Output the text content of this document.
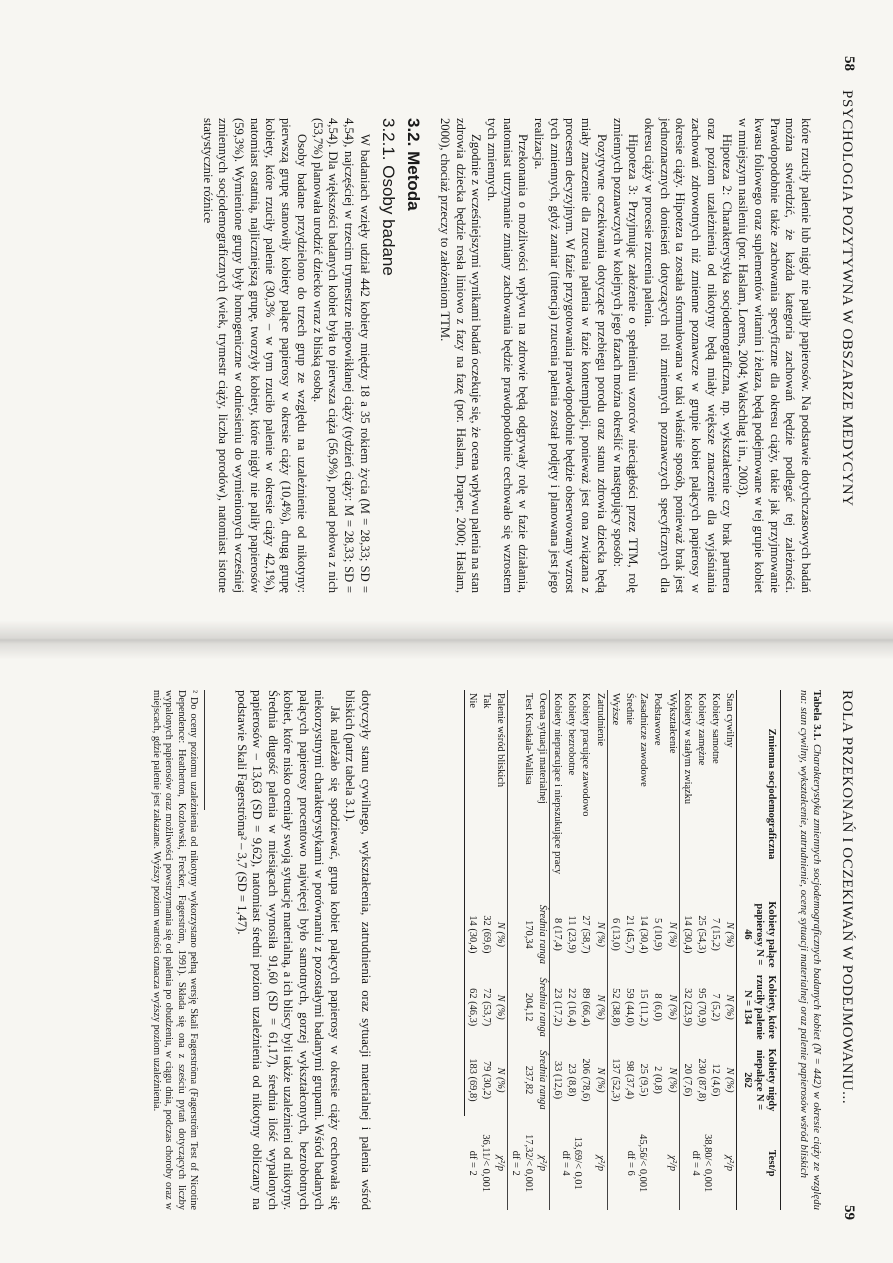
58
PSYCHOLOGIA POZYTYWNA W OBSZARZE MEDYCYNY

które rzuciły palenie lub nigdy nie paliły papierosów. Na podstawie dotychczasowych badań można stwierdzić, że każda kategoria zachowań będzie podlegać tej zależności. Prawdopodobnie także zachowania specyficzne dla okresu ciąży, takie jak przyjmowanie kwasu foliowego oraz suplementów witamin i żelaza, będą podejmowane w tej grupie kobiet w mniejszym nasileniu (por. Haslam, Lorens, 2004; Wakschlag i in., 2003).

Hipoteza 2: Charakterystyka socjodemograficzna, np. wykształcenie czy brak partnera oraz poziom uzależnienia od nikotyny będą miały większe znaczenie dla wyjaśniania zachowań zdrowotnych niż zmienne poznawcze w grupie kobiet palących papierosy w okresie ciąży. Hipoteza ta została sformułowana w taki właśnie sposób, ponieważ brak jest jednoznacznych doniesień dotyczących roli zmiennych poznawczych specyficznych dla okresu ciąży w procesie rzucenia palenia.

Hipoteza 3: Przyjmując założenie o spełnieniu wzorców nieciągłości przez TTM, rolę zmiennych poznawczych w kolejnych jego fazach można określić w następujący sposób:

Pozytywne oczekiwania dotyczące przebiegu porodu oraz stanu zdrowia dziecka będą miały znaczenie dla rzucenia palenia w fazie kontemplacji, ponieważ jest ona związana z procesem decyzyjnym. W fazie przygotowania prawdopodobnie będzie obserwowany wzrost tych zmiennych, gdyż zamiar (intencja) rzucenia palenia został podjęty i planowana jest jego realizacja.

Przekonania o możliwości wpływu na zdrowie będą odgrywały rolę w fazie działania, natomiast utrzymanie zmiany zachowania będzie prawdopodobnie cechowało się wzrostem tych zmiennych.

Zgodnie z wcześniejszymi wynikami badań oczekuje się, że ocena wpływu palenia na stan zdrowia dziecka będzie rosła liniowo z fazy na fazę (por. Haslam, Draper, 2000; Haslam, 2000), chociaż przeczy to założeniom TTM.

3.2. Metoda
3.2.1. Osoby badane

W badaniach wzięły udział 442 kobiety między 18 a 35 rokiem życia (M = 28,33; SD = 4,54), najczęściej w trzecim trymestrze niepowikłanej ciąży (tydzień ciąży: M = 28,33; SD = 4,54). Dla większości badanych kobiet była to pierwsza ciąża (56,9%), ponad połowa z nich (53,7%) planowała urodzić dziecko wraz z bliską osobą.

Osoby badane przydzielono do trzech grup ze względu na uzależnienie od nikotyny: pierwszą grupę stanowiły kobiety palące papierosy w okresie ciąży (10,4%), drugą grupę kobiety, które rzuciły palenie (30,3% – w tym rzuciło palenie w okresie ciąży 42,1%), natomiast ostatnią, najliczniejszą grupę, tworzyły kobiety, które nigdy nie paliły papierosów (59,3%). Wymienione grupy były homogeniczne w odniesieniu do wymienionych wcześniej zmiennych socjodemograficznych (wiek, trymestr ciąży, liczba porodów), natomiast istotne statystycznie różnice

ROLA PRZEKONAŃ I OCZEKIWAŃ W PODEJMOWANIU...
59
Tabela 3.1. Charakterystyka zmiennych socjodemograficznych badanych kobiet (N = 442) w okresie ciąży ze względu na: stan cywilny, wykształcenie, zatrudnienie, ocenę sytuacji materialnej oraz palenie papierosów wśród bliskich
Zmienna socjodemograficzna	Kobiety palące papierosy N = 46	Kobiety, które rzuciły palenie N = 134	Kobiety nigdy niepalące N = 262	Test/p
Stan cywilny	N (%)	N (%)	N (%)	χ²/p
Kobiety samotne	7 (15,2)	7 (5,2)	12 (4,6)	38,80/< 0,001
df = 4

Kobiety zamężne	25 (54,3)	95 (70,9)	230 (87,8)	
Kobiety w stałym związku	14 (30,4)	32 (23,9)	20 (7,6)	
Wykształcenie	N (%)	N (%)	N (%)	χ²/p
Podstawowe	5 (10,9)	8 (6,0)	2 (0,8)	45,56/< 0,001
df = 6

Zasadnicze zawodowe	14 (30,4)	15 (11,2)	25 (9,5)	
Średnie	21 (45,7)	59 (44,0)	98 (37,4)	
Wyższe	6 (13,0)	52 (38,8)	137 (52,3)	
Zatrudnienie	N (%)	N (%)	N (%)	χ²/p
Kobiety pracujące zawodowo	27 (58,7)	89 (66,4)	206 (78,6)	13,69/< 0,01
df = 4

Kobiety bezrobotne	11 (23,9)	22 (16,4)	23 (8,8)	
Kobiety niepracujące i niepszukujące pracy	8 (17,4)	23 (17,2)	33 (12,6)	
Ocena sytuacji materialnej	Średnia ranga	Średnia ranga	Średnia ranga	χ²/p
Test Kruskala-Wallisa	170,34	204,12	237,82	17,32/< 0,001
df = 2

Palenie wśród bliskich	N (%)	N (%)	N (%)	χ²/p
Tak	32 (69,6)	72 (53,7)	79 (30,2)	36,11/< 0,001
df = 2

Nie	14 (30,4)	62 (46,3)	183 (69,8)	

dotyczyły stanu cywilnego, wykształcenia, zatrudnienia oraz sytuacji materialnej i palenia wśród bliskich (patrz tabela 3.1).

Jak należało się spodziewać, grupa kobiet palących papierosy w okresie ciąży cechowała się niekorzystnymi charakterystykami w porównaniu z pozostałymi badanymi grupami. Wśród badanych palących papierosy procentowo najwięcej było samotnych, gorzej wykształconych, bezrobotnych kobiet, które nisko oceniały swoją sytuację materialną, a ich bliscy byli także uzależnieni od nikotyny. Średnia długość palenia w miesiącach wynosiła 91,60 (SD = 61,17), średnia ilość wypalonych papierosów – 13,63 (SD = 9,62), natomiast średni poziom uzależnienia od nikotyny obliczany na podstawie Skali Fagerströma² – 3,7 (SD = 1,47).

² Do oceny poziomu uzależnienia od nikotyny wykorzystano pełną wersję Skali Fagerströma (Fagerström Test of Nicotine Dependence: Heatherton, Kozlowski, Frecker, Fagerström, 1991). Składa się ona z sześciu pytań dotyczących liczby wypalonych papierosów oraz możliwości powstrzymania się od palenia po obudzeniu, w ciągu dnia, podczas choroby oraz w miejscach, gdzie palenie jest zakazane. Wyższy poziom wartości oznacza wyższy poziom uzależnienia.
